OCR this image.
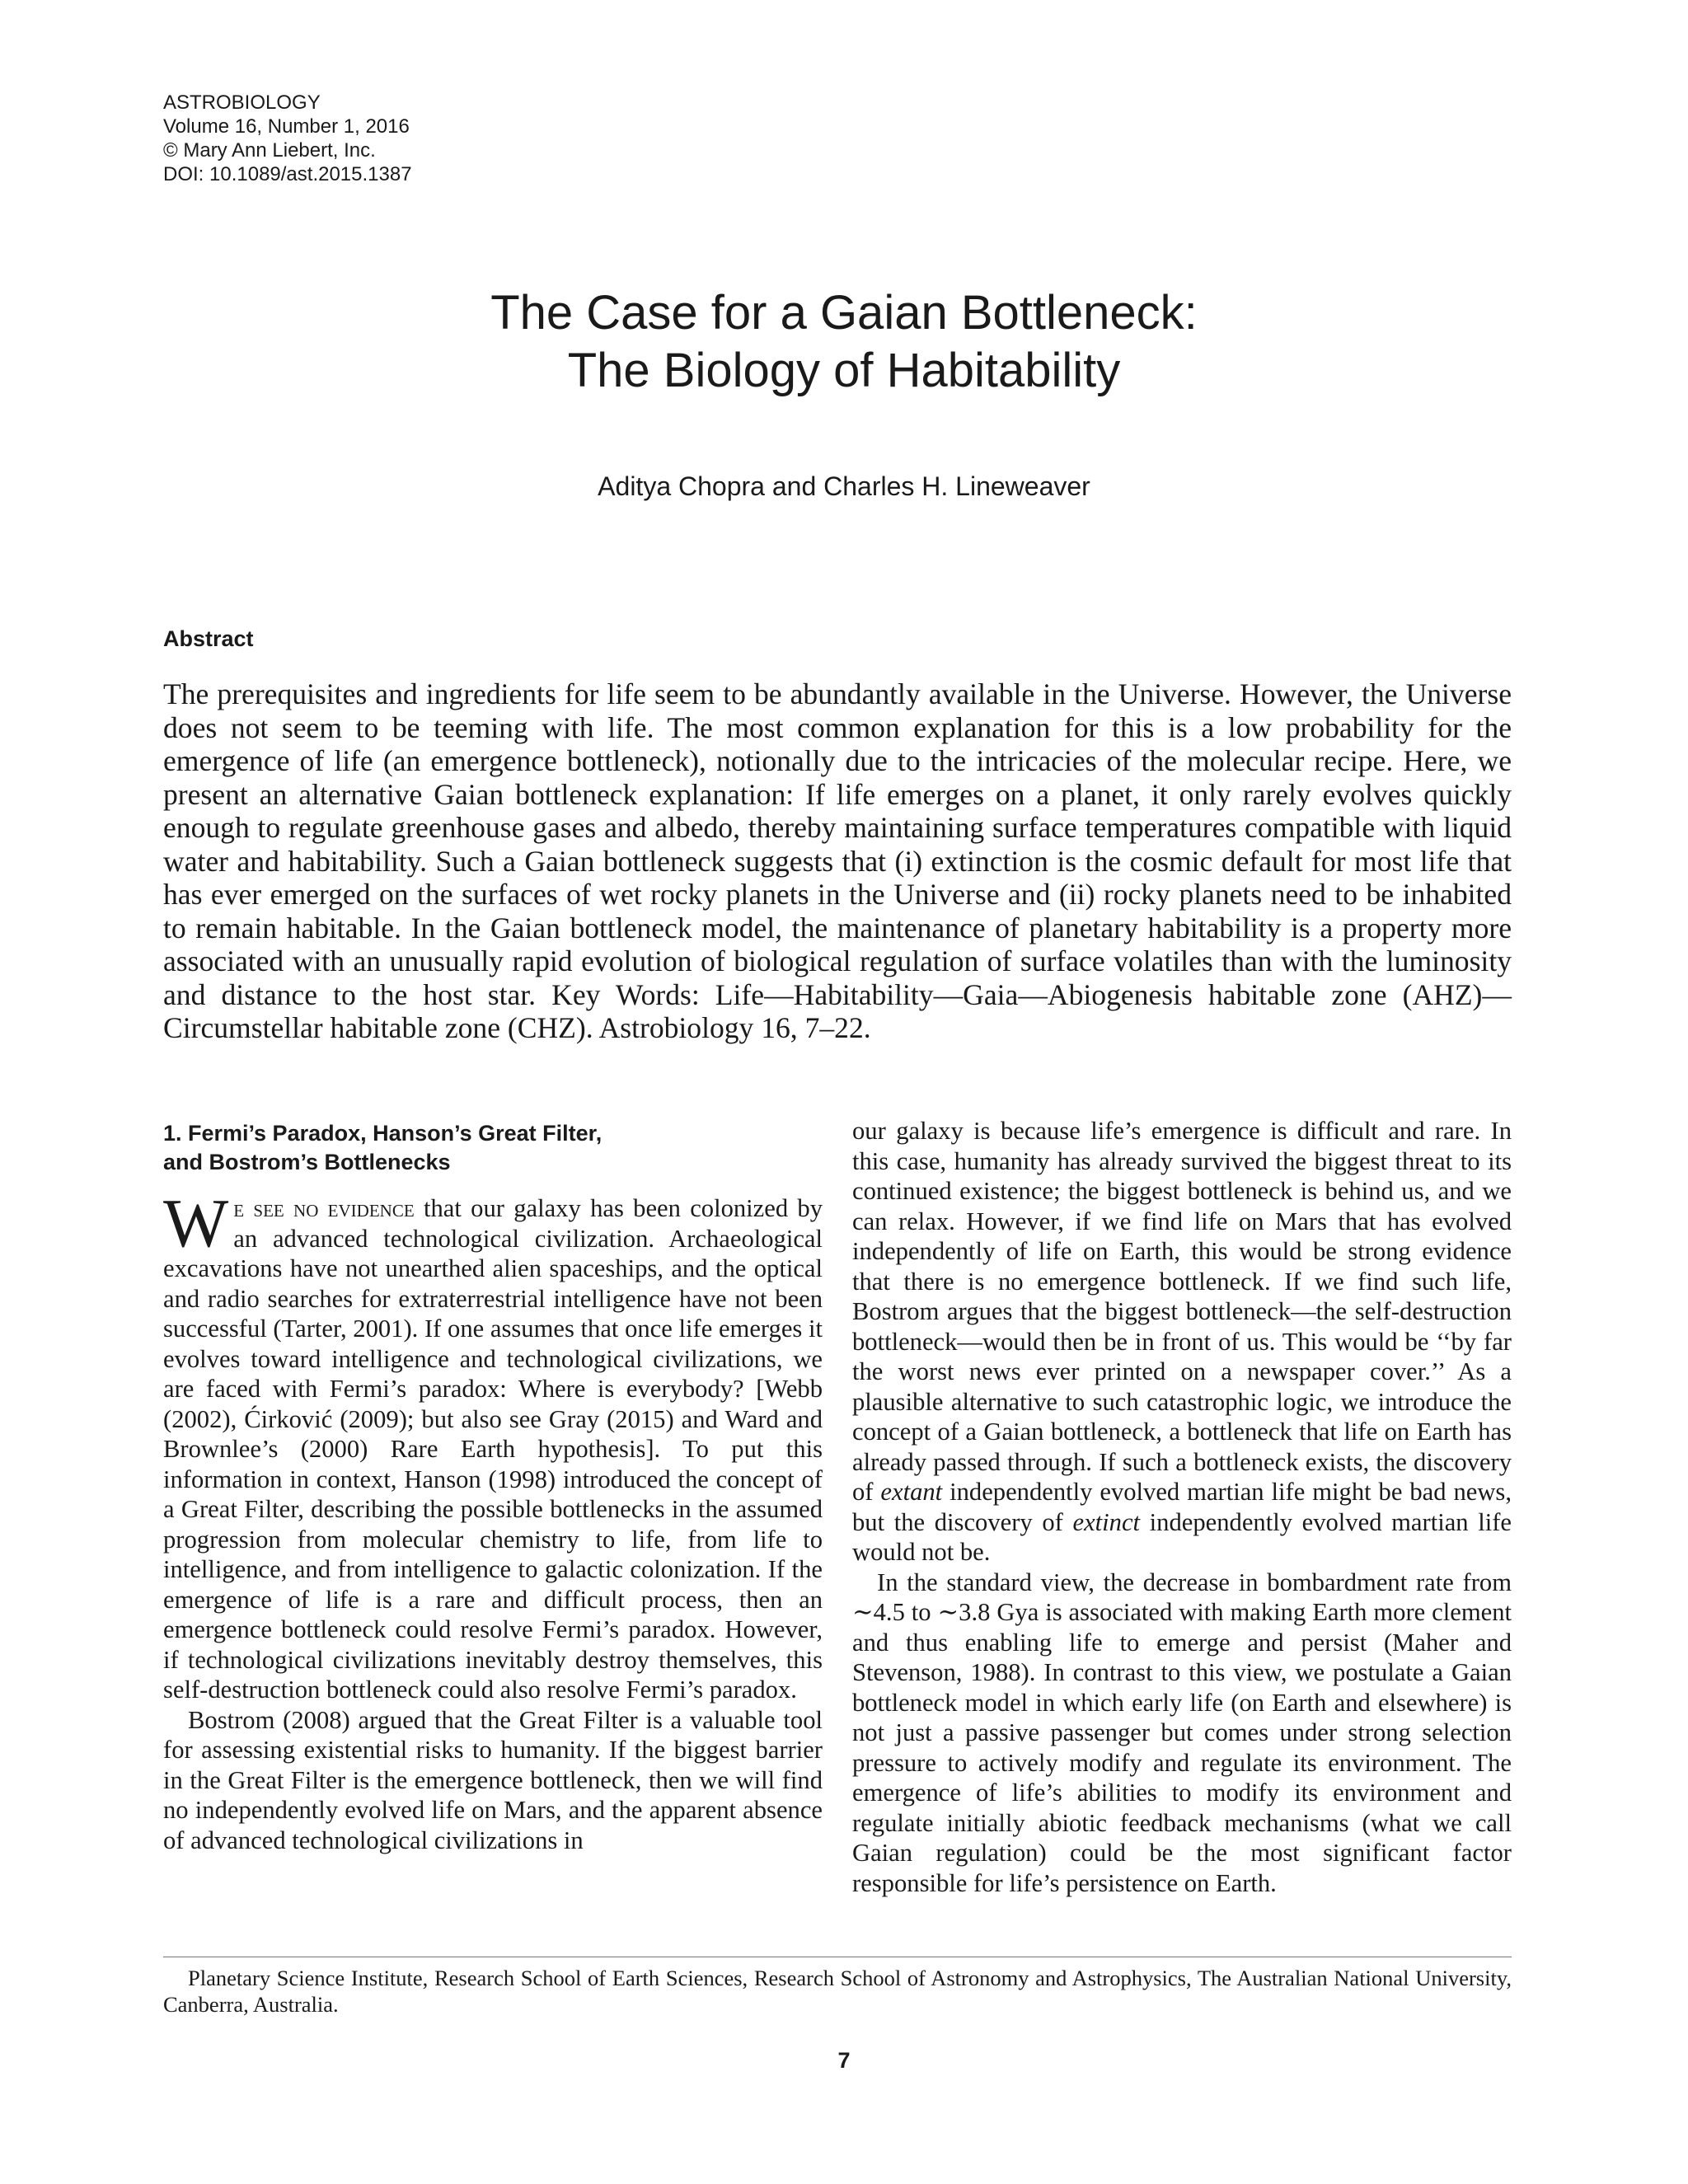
ASTROBIOLOGY
Volume 16, Number 1, 2016
© Mary Ann Liebert, Inc.
DOI: 10.1089/ast.2015.1387
The Case for a Gaian Bottleneck:
The Biology of Habitability
Aditya Chopra and Charles H. Lineweaver
Abstract

The prerequisites and ingredients for life seem to be abundantly available in the Universe. However, the Universe does not seem to be teeming with life. The most common explanation for this is a low probability for the emergence of life (an emergence bottleneck), notionally due to the intricacies of the molecular recipe. Here, we present an alternative Gaian bottleneck explanation: If life emerges on a planet, it only rarely evolves quickly enough to regulate greenhouse gases and albedo, thereby maintaining surface temperatures compatible with liquid water and habitability. Such a Gaian bottleneck suggests that (i) extinction is the cosmic default for most life that has ever emerged on the surfaces of wet rocky planets in the Universe and (ii) rocky planets need to be inhabited to remain habitable. In the Gaian bottleneck model, the maintenance of planetary habitability is a property more associated with an unusually rapid evolution of biological regulation of surface volatiles than with the luminosity and distance to the host star. Key Words: Life—Habitability—Gaia—Abiogenesis habitable zone (AHZ)—Circumstellar habitable zone (CHZ). Astrobiology 16, 7–22.

1. Fermi’s Paradox, Hanson’s Great Filter,
and Bostrom’s Bottlenecks

We see no evidence that our galaxy has been colonized by an advanced technological civilization. Archaeological excavations have not unearthed alien spaceships, and the optical and radio searches for extraterrestrial intelligence have not been successful (Tarter, 2001). If one assumes that once life emerges it evolves toward intelligence and technological civilizations, we are faced with Fermi’s paradox: Where is everybody? [Webb (2002), Ćirković (2009); but also see Gray (2015) and Ward and Brownlee’s (2000) Rare Earth hypothesis]. To put this information in context, Hanson (1998) introduced the concept of a Great Filter, describing the possible bottlenecks in the assumed progression from molecular chemistry to life, from life to intelligence, and from intelligence to galactic colonization. If the emergence of life is a rare and difficult process, then an emergence bottleneck could resolve Fermi’s paradox. However, if technological civilizations inevitably destroy themselves, this self-destruction bottleneck could also resolve Fermi’s paradox.

Bostrom (2008) argued that the Great Filter is a valuable tool for assessing existential risks to humanity. If the biggest barrier in the Great Filter is the emergence bottleneck, then we will find no independently evolved life on Mars, and the apparent absence of advanced technological civilizations in

our galaxy is because life’s emergence is difficult and rare. In this case, humanity has already survived the biggest threat to its continued existence; the biggest bottleneck is behind us, and we can relax. However, if we find life on Mars that has evolved independently of life on Earth, this would be strong evidence that there is no emergence bottleneck. If we find such life, Bostrom argues that the biggest bottleneck—the self-destruction bottleneck—would then be in front of us. This would be ‘‘by far the worst news ever printed on a newspaper cover.’’ As a plausible alternative to such catastrophic logic, we introduce the concept of a Gaian bottleneck, a bottleneck that life on Earth has already passed through. If such a bottleneck exists, the discovery of extant independently evolved martian life might be bad news, but the discovery of extinct independently evolved martian life would not be.

In the standard view, the decrease in bombardment rate from ∼4.5 to ∼3.8 Gya is associated with making Earth more clement and thus enabling life to emerge and persist (Maher and Stevenson, 1988). In contrast to this view, we postulate a Gaian bottleneck model in which early life (on Earth and elsewhere) is not just a passive passenger but comes under strong selection pressure to actively modify and regulate its environment. The emergence of life’s abilities to modify its environment and regulate initially abiotic feedback mechanisms (what we call Gaian regulation) could be the most significant factor responsible for life’s persistence on Earth.

Planetary Science Institute, Research School of Earth Sciences, Research School of Astronomy and Astrophysics, The Australian National University, Canberra, Australia.

7
